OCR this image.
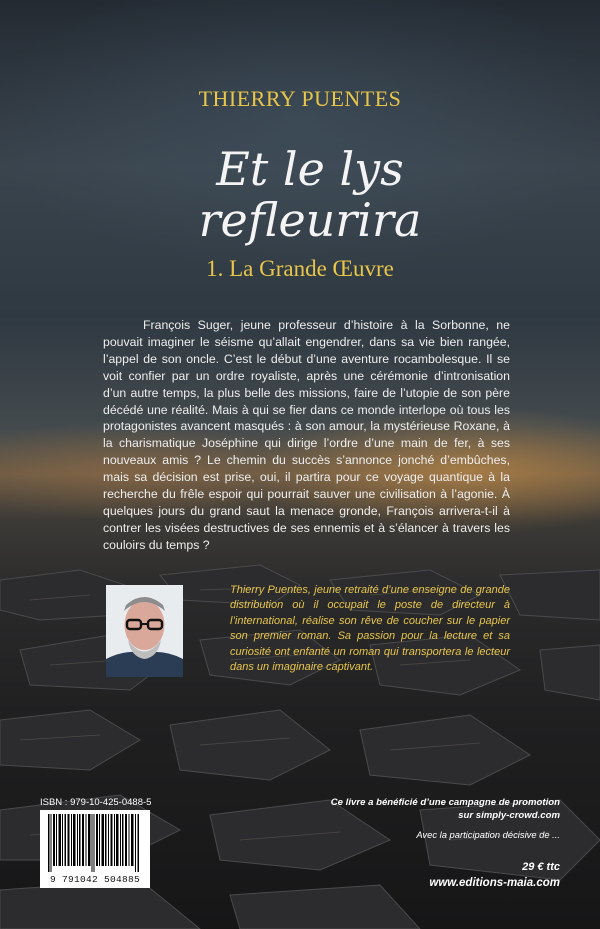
THIERRY PUENTES
Et le lys
refleurira
1. La Grande Œuvre

François Suger, jeune professeur d’histoire à la Sorbonne, ne pouvait imaginer le séisme qu’allait engendrer, dans sa vie bien rangée, l’appel de son oncle. C’est le début d’une aventure rocambolesque. Il se voit confier par un ordre royaliste, après une cérémonie d’intronisation d’un autre temps, la plus belle des missions, faire de l’utopie de son père décédé une réalité. Mais à qui se fier dans ce monde interlope où tous les protagonistes avancent masqués : à son amour, la mystérieuse Roxane, à la charismatique Joséphine qui dirige l’ordre d’une main de fer, à ses nouveaux amis ? Le chemin du succès s’annonce jonché d’embûches, mais sa décision est prise, oui, il partira pour ce voyage quantique à la recherche du frêle espoir qui pourrait sauver une civilisation à l’agonie. À quelques jours du grand saut la menace gronde, François arrivera-t-il à contrer les visées destructives de ses ennemis et à s’élancer à travers les couloirs du temps ?

Thierry Puentes, jeune retraité d’une enseigne de grande distribution où il occupait le poste de directeur à l’international, réalise son rêve de coucher sur le papier son premier roman. Sa passion pour la lecture et sa curiosité ont enfanté un roman qui transportera le lecteur dans un imaginaire captivant.

ISBN : 979-10-425-0488-5
9 791042 504885

Ce livre a bénéficié d’une campagne de promotion sur simply-crowd.com

Avec la participation décisive de ...
29 € ttc
www.editions-maia.com
